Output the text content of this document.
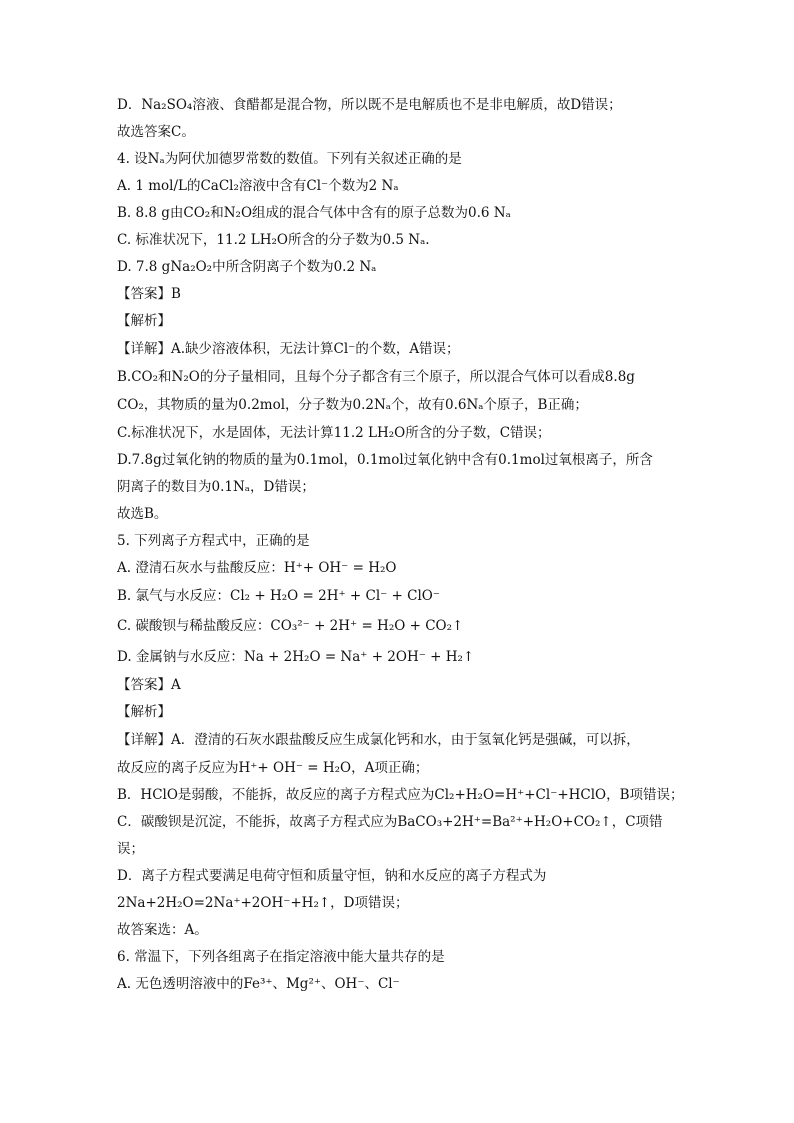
D．Na₂SO₄溶液、食醋都是混合物，所以既不是电解质也不是非电解质，故D错误；
故选答案C。
4. 设Nₐ为阿伏加德罗常数的数值。下列有关叙述正确的是
A. 1 mol/L的CaCl₂溶液中含有Cl⁻个数为2 Nₐ
B. 8.8 g由CO₂和N₂O组成的混合气体中含有的原子总数为0.6 Nₐ
C. 标准状况下，11.2 LH₂O所含的分子数为0.5 Nₐ.
D. 7.8 gNa₂O₂中所含阴离子个数为0.2 Nₐ
【答案】B
【解析】
【详解】A.缺少溶液体积，无法计算Cl⁻的个数，A错误；
B.CO₂和N₂O的分子量相同，且每个分子都含有三个原子，所以混合气体可以看成8.8g
CO₂，其物质的量为0.2mol，分子数为0.2Nₐ个，故有0.6Nₐ个原子，B正确；
C.标准状况下，水是固体，无法计算11.2 LH₂O所含的分子数，C错误；
D.7.8g过氧化钠的物质的量为0.1mol，0.1mol过氧化钠中含有0.1mol过氧根离子，所含
阴离子的数目为0.1Nₐ，D错误；
故选B。
5. 下列离子方程式中，正确的是
A. 澄清石灰水与盐酸反应：H⁺+ OH⁻ = H₂O
B. 氯气与水反应：Cl₂ + H₂O = 2H⁺ + Cl⁻ + ClO⁻
C. 碳酸钡与稀盐酸反应：CO₃²⁻ + 2H⁺ = H₂O + CO₂↑
D. 金属钠与水反应：Na + 2H₂O = Na⁺ + 2OH⁻ + H₂↑
【答案】A
【解析】
【详解】A．澄清的石灰水跟盐酸反应生成氯化钙和水，由于氢氧化钙是强碱，可以拆，
故反应的离子反应为H⁺+ OH⁻ = H₂O，A项正确；
B．HClO是弱酸，不能拆，故反应的离子方程式应为Cl₂+H₂O=H⁺+Cl⁻+HClO，B项错误；
C．碳酸钡是沉淀，不能拆，故离子方程式应为BaCO₃+2H⁺=Ba²⁺+H₂O+CO₂↑，C项错
误；
D．离子方程式要满足电荷守恒和质量守恒，钠和水反应的离子方程式为
2Na+2H₂O=2Na⁺+2OH⁻+H₂↑，D项错误；
故答案选：A。
6. 常温下，下列各组离子在指定溶液中能大量共存的是
A. 无色透明溶液中的Fe³⁺、Mg²⁺、OH⁻、Cl⁻
